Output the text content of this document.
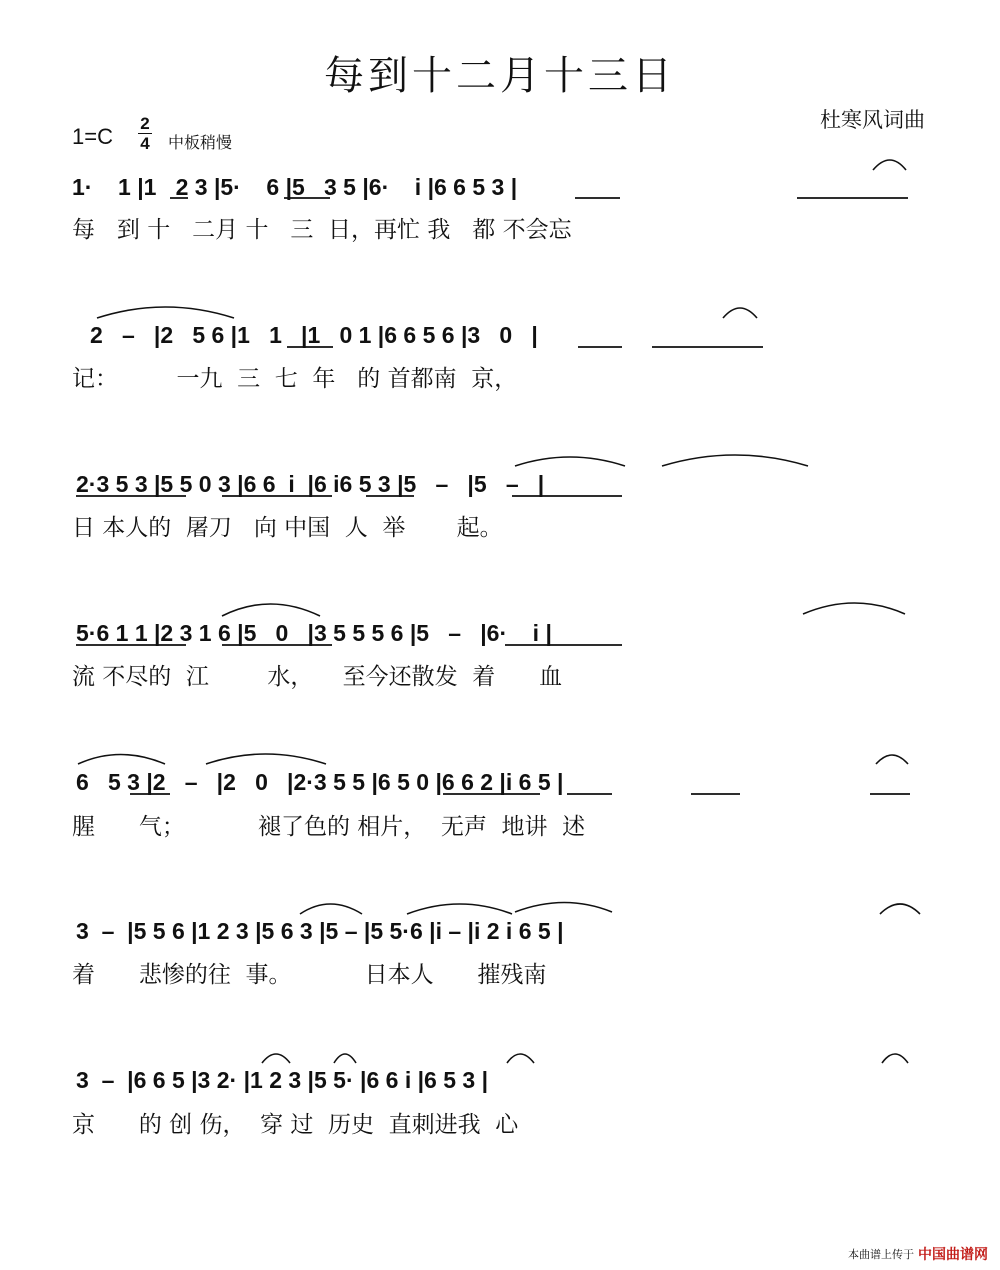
每到十二月十三日
杜寒风词曲
1=C
2
4 中板稍慢
1·    1 |1   2 3 |5·    6 |5   3 5 |6·    i |6 6 5 3 |
每   到 十   二月 十   三  日，再忙 我   都 不会忘
2   –   |2   5 6 |1   1   |1   0 1 |6 6 5 6 |3   0   |
记：        一九  三  七  年   的 首都南  京，
2·3 5 3 |5 5 0 3 |6 6  i  |6 i6 5 3 |5   –   |5   –   |
日 本人的  屠刀   向 中国  人  举       起。
5·6 1 1 |2 3 1 6 |5   0   |3 5 5 5 6 |5   –   |6·    i |
流 不尽的  江        水，    至今还散发  着      血
6   5 3 |2   –   |2   0   |2·3 5 5 |6 5 0 |6 6 2 |i 6 5 |
腥      气；          褪了色的 相片，  无声  地讲  述
3  –  |5 5 6 |1 2 3 |5 6 3 |5 – |5 5·6 |i – |i 2 i 6 5 |
着      悲惨的往  事。          日本人      摧残南
3  –  |6 6 5 |3 2· |1 2 3 |5 5· |6 6 i |6 5 3 |
京      的 创 伤，  穿 过  历史  直刺进我  心
本曲谱上传于 中国曲谱网
